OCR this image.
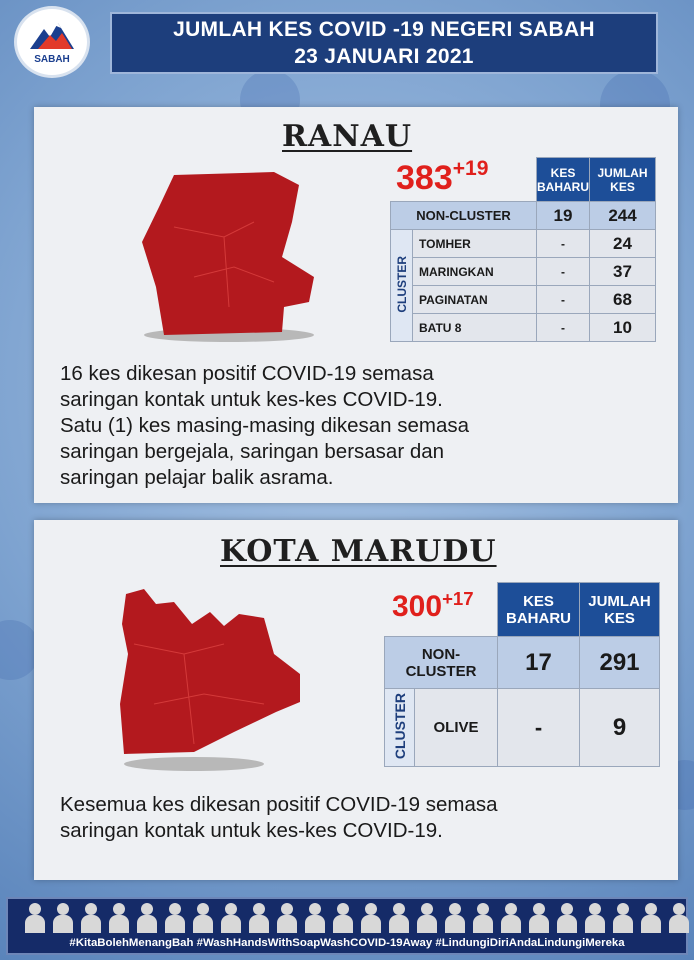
SABAH
JUMLAH KES COVID -19 NEGERI SABAH
23 JANUARI 2021
RANAU
$383^{+19}$
		KES BAHARU	JUMLAH KES
NON-CLUSTER		19	244
CLUSTER	TOMHER	-	24
	MARINGKAN	-	37
	PAGINATAN	-	68
	BATU 8	-	10
16 kes dikesan positif COVID-19 semasa
saringan kontak untuk kes-kes COVID-19.
Satu (1) kes masing-masing dikesan semasa
saringan bergejala, saringan bersasar dan
saringan pelajar balik asrama.
KOTA MARUDU
$300^{+17}$
		KES BAHARU	JUMLAH KES
NON-CLUSTER		17	291
CLUSTER	OLIVE	-	9
Kesemua kes dikesan positif COVID-19 semasa
saringan kontak untuk kes-kes COVID-19.
#KitaBolehMenangBah #WashHandsWithSoapWashCOVID-19Away #LindungiDiriAndaLindungiMereka
